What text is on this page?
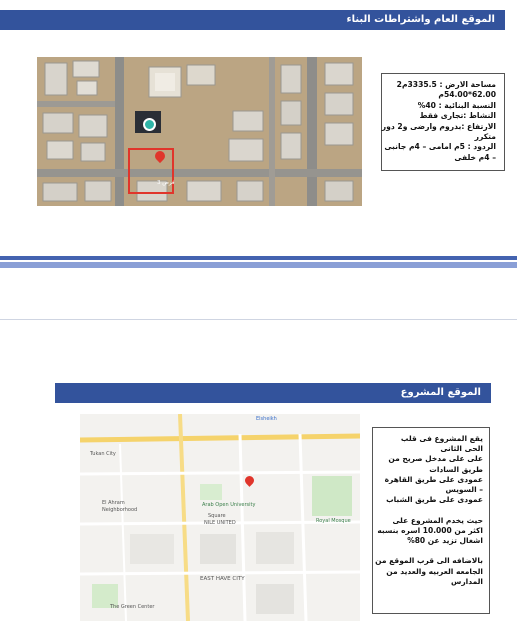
الموقع العام واشتراطات البناء
3 فرص
مساحة الارض : 3335.5م2
62.00*54.00م
النسبة البنائية : 40%
النشاط :تجارى فقط
الارتفاع :بدروم وارضى و2 دور
متكرر
الردود : 5م امامى – 4م جانبى
– 4م خلفى
الموقع المشروع
Elsheikh
Tukan City
El Ahram
Neighborhood
Arab Open University
Square
NILE UNITED	Royal Mosque
EAST HAVE CITY
The Green Center
يقع المشروع فى قلب
الحى الثانى
على على مدخل صريح من
طريق السادات
عمودى على طريق القاهرة
– السويس
عمودى على طريق الشباب

حيث يخدم المشروع على
اكثر من 10.000 اسره بنسبه
اشغال تزيد عن 80%

بالاضافه الى قرب الموقع من
الجامعه العربيه والعديد من
المدارس
